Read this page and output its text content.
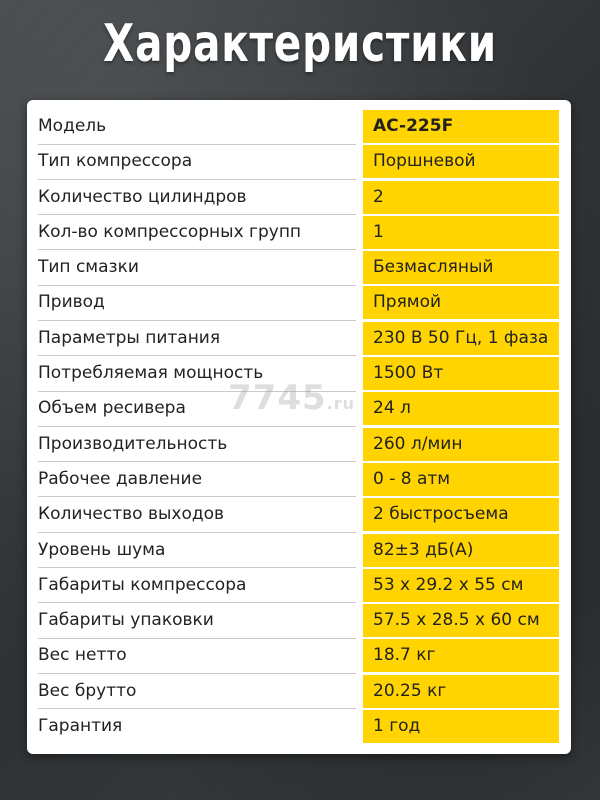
Характеристики
Модель	AC-225F
Тип компрессора	Поршневой
Количество цилиндров	2
Кол-во компрессорных групп	1
Тип смазки	Безмасляный
Привод	Прямой
Параметры питания	230 В 50 Гц, 1 фаза
Потребляемая мощность	1500 Вт
Объем ресивера	24 л
Производительность	260 л/мин
Рабочее давление	0 - 8 атм
Количество выходов	2 быстросъема
Уровень шума	82±3 дБ(А)
Габариты компрессора	53 х 29.2 х 55 см
Габариты упаковки	57.5 х 28.5 х 60 см
Вес нетто	18.7 кг
Вес брутто	20.25 кг
Гарантия	1 год
7745.ru
